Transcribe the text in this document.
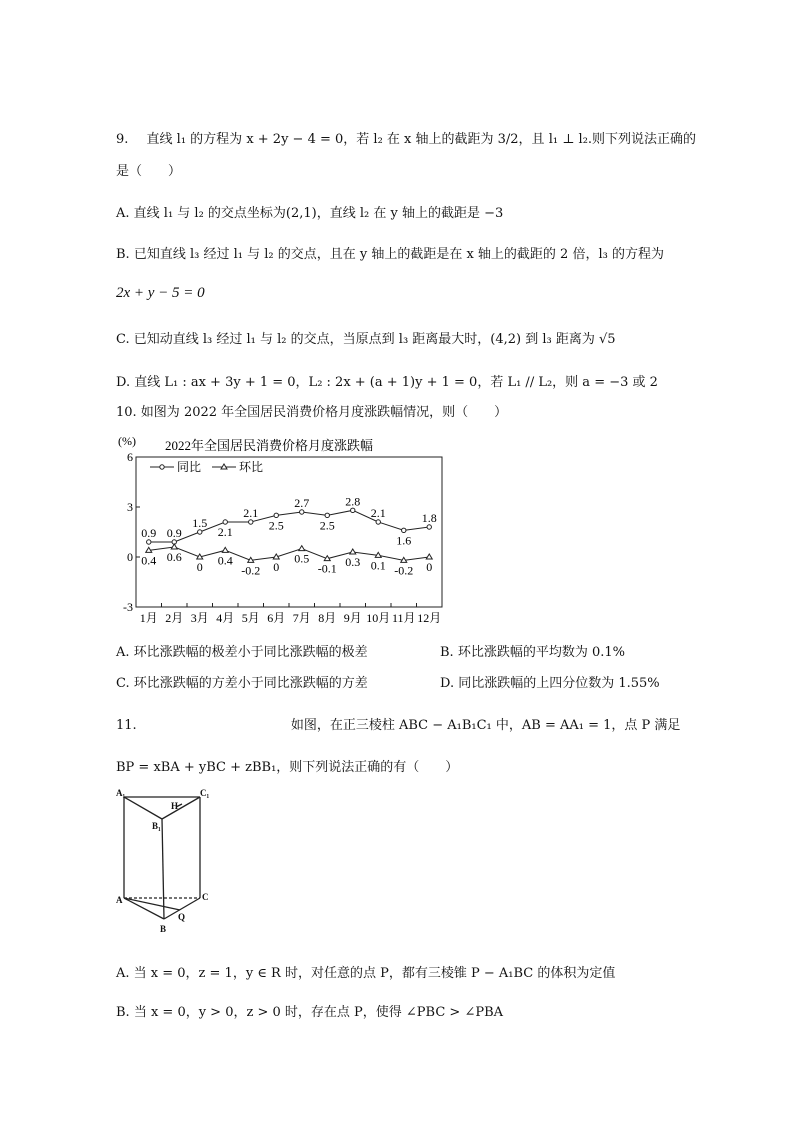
9. 直线 l₁ 的方程为 x + 2y − 4 = 0，若 l₂ 在 x 轴上的截距为 3/2，且 l₁ ⊥ l₂.则下列说法正确的
是（　　）
A. 直线 l₁ 与 l₂ 的交点坐标为(2,1)，直线 l₂ 在 y 轴上的截距是 −3
B. 已知直线 l₃ 经过 l₁ 与 l₂ 的交点，且在 y 轴上的截距是在 x 轴上的截距的 2 倍，l₃ 的方程为
2x + y − 5 = 0
C. 已知动直线 l₃ 经过 l₁ 与 l₂ 的交点，当原点到 l₃ 距离最大时，(4,2) 到 l₃ 距离为 √5
D. 直线 L₁ : ax + 3y + 1 = 0，L₂ : 2x + (a + 1)y + 1 = 0，若 L₁ // L₂，则 a = −3 或 2
10. 如图为 2022 年全国居民消费价格月度涨跌幅情况，则（　　）
6
3
0
-3
(%) 2022年全国居民消费价格月度涨跌幅
1月 2月 3月 4月 5月 6月 7月 8月 9月 10月 11月 12月
同比	环比
0.9 0.9
1.5
2.1
2.1
2.5
2.7
2.5
2.8
2.1
1.6
1.8
0.4 0.6
0 0.4
-0.2 0
0.5
-0.1 0.3 0.1 -0.2 0
A. 环比涨跌幅的极差小于同比涨跌幅的极差	B. 环比涨跌幅的平均数为 0.1%
C. 环比涨跌幅的方差小于同比涨跌幅的方差	D. 同比涨跌幅的上四分位数为 1.55%
11.	如图，在正三棱柱 ABC − A₁B₁C₁ 中，AB = AA₁ = 1，点 P 满足
BP = xBA + yBC + zBB₁，则下列说法正确的有（　　）
A₁	C₁
H
B₁
A	C
B
Q
A. 当 x = 0，z = 1，y ∈ R 时，对任意的点 P，都有三棱锥 P − A₁BC 的体积为定值
B. 当 x = 0，y > 0，z > 0 时，存在点 P，使得 ∠PBC > ∠PBA
